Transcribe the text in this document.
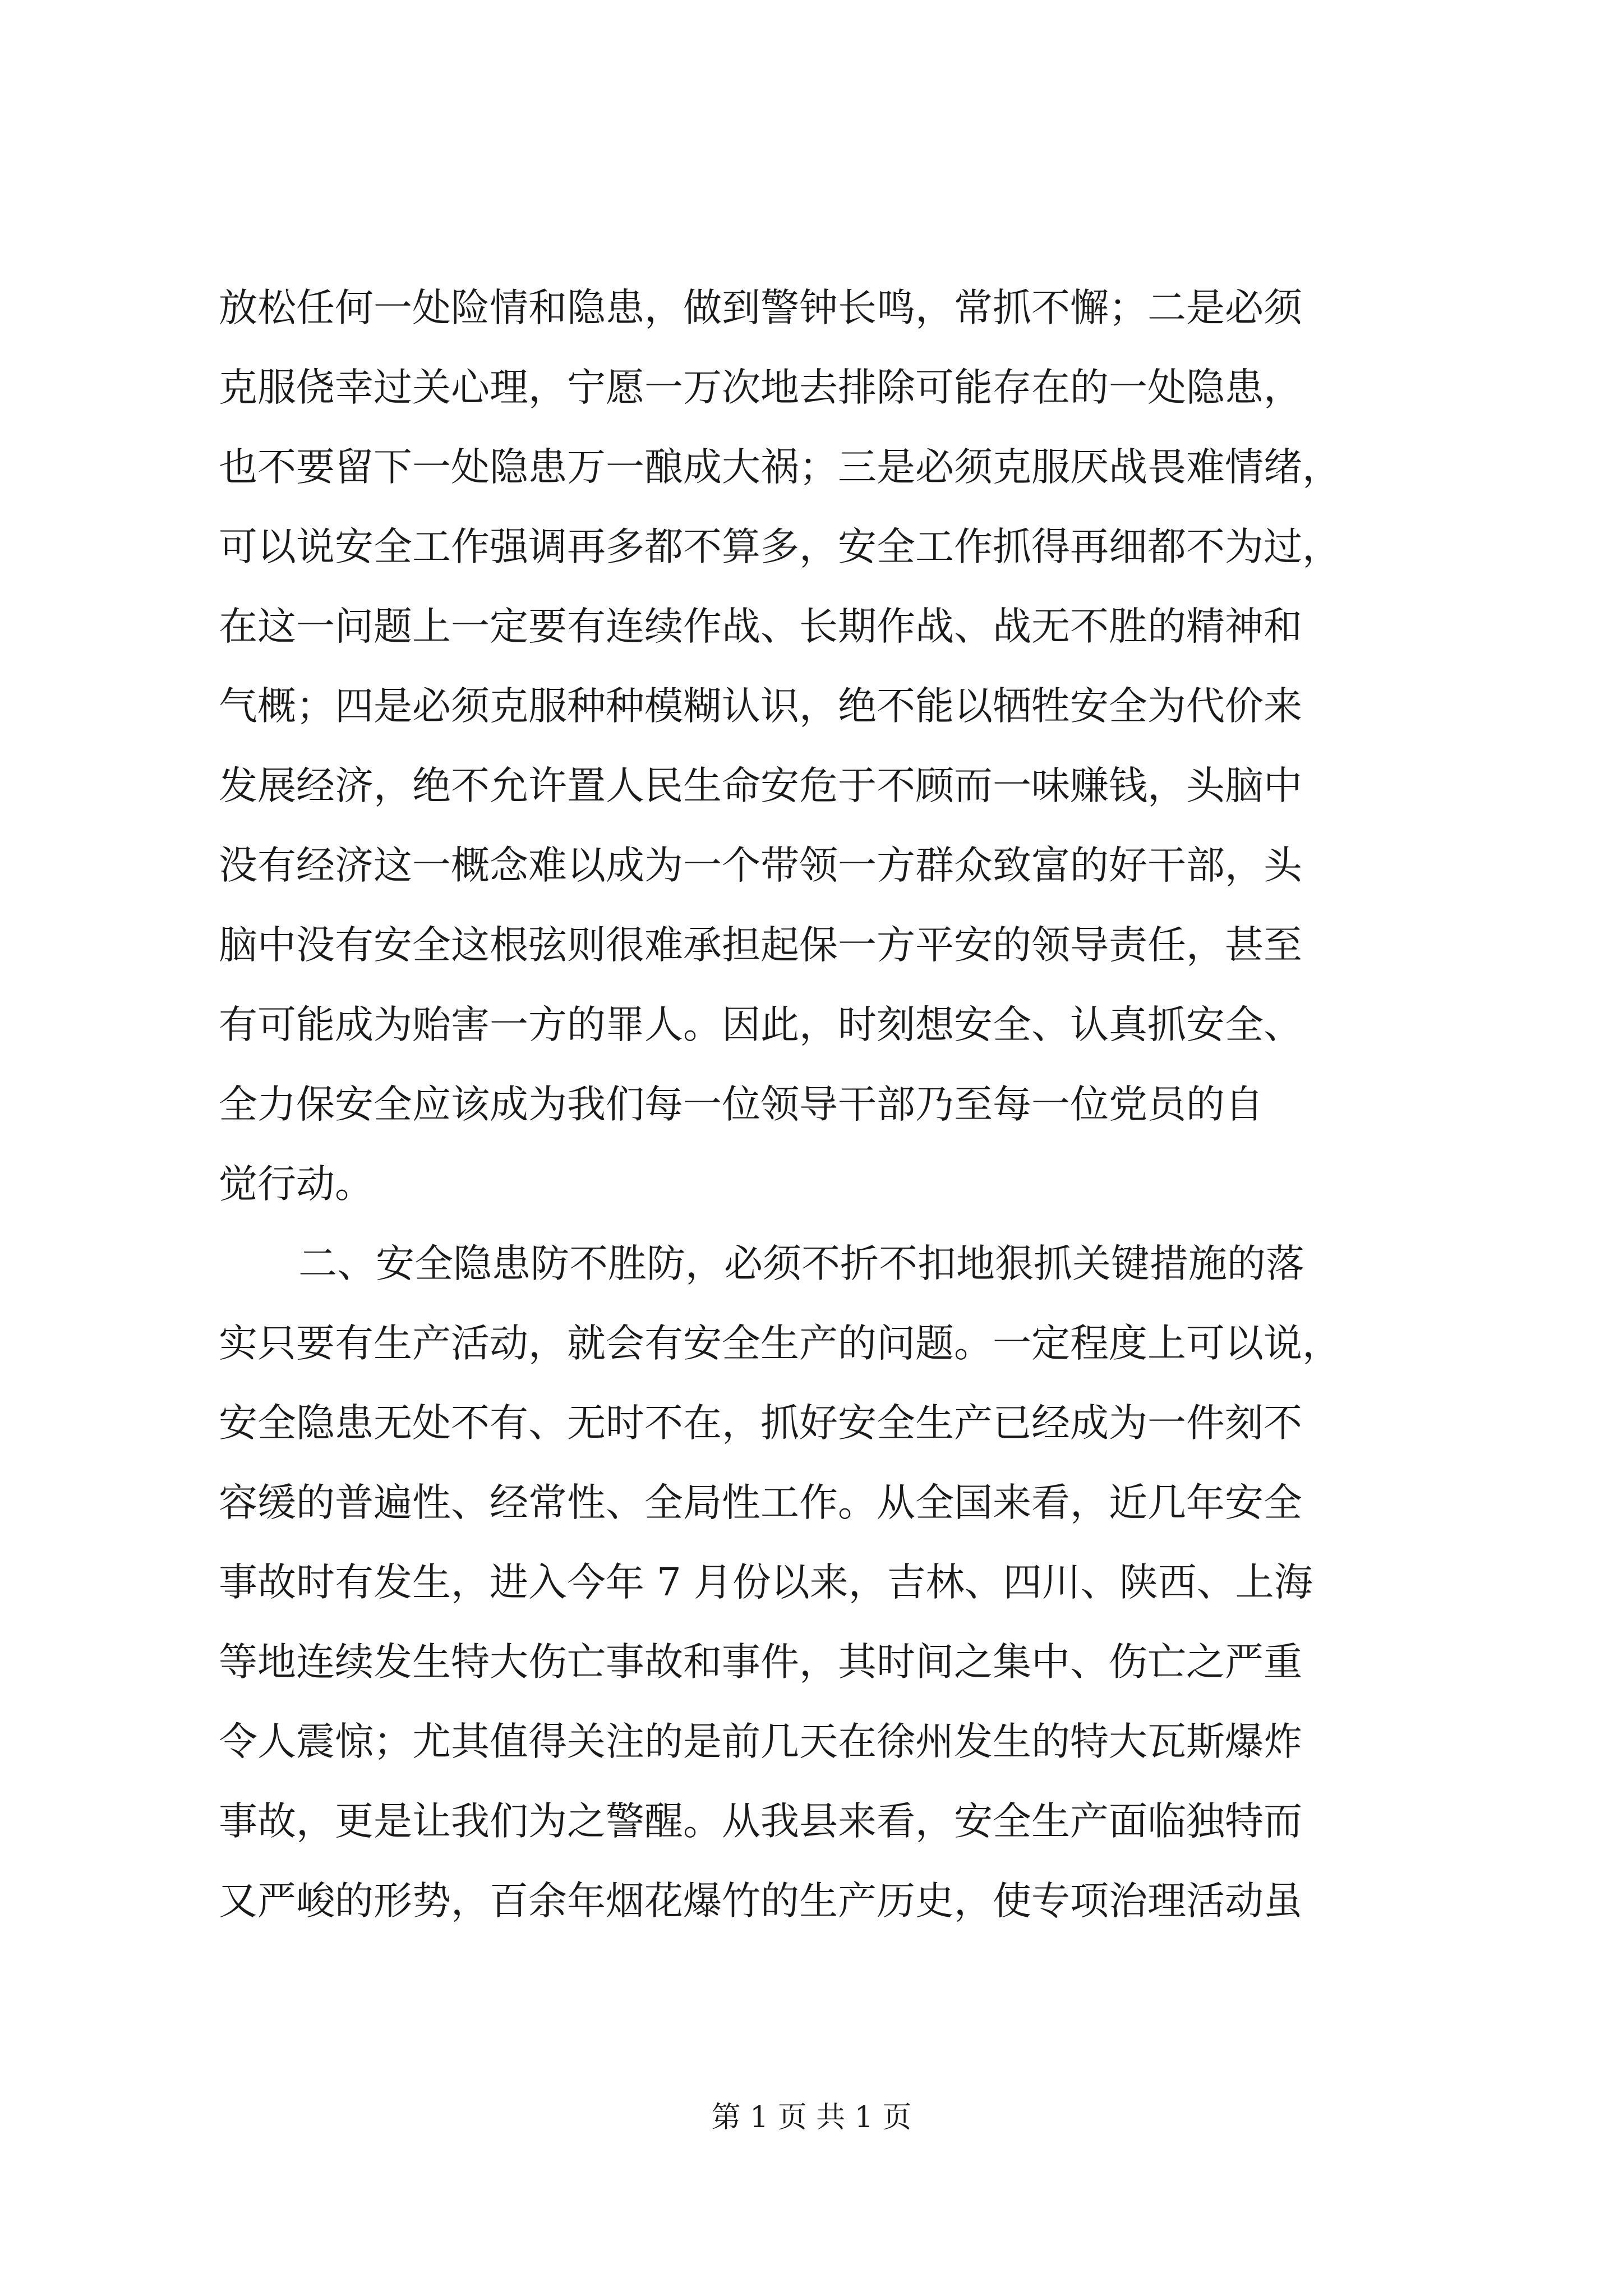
放松任何一处险情和隐患，做到警钟长鸣，常抓不懈；二是必须

克服侥幸过关心理，宁愿一万次地去排除可能存在的一处隐患，

也不要留下一处隐患万一酿成大祸；三是必须克服厌战畏难情绪，

可以说安全工作强调再多都不算多，安全工作抓得再细都不为过，

在这一问题上一定要有连续作战、长期作战、战无不胜的精神和

气概；四是必须克服种种模糊认识，绝不能以牺牲安全为代价来

发展经济，绝不允许置人民生命安危于不顾而一味赚钱，头脑中

没有经济这一概念难以成为一个带领一方群众致富的好干部，头

脑中没有安全这根弦则很难承担起保一方平安的领导责任，甚至

有可能成为贻害一方的罪人。因此，时刻想安全、认真抓安全、

全力保安全应该成为我们每一位领导干部乃至每一位党员的自

觉行动。

二、安全隐患防不胜防，必须不折不扣地狠抓关键措施的落

实只要有生产活动，就会有安全生产的问题。一定程度上可以说，

安全隐患无处不有、无时不在，抓好安全生产已经成为一件刻不

容缓的普遍性、经常性、全局性工作。从全国来看，近几年安全

事故时有发生，进入今年 7 月份以来，吉林、四川、陕西、上海

等地连续发生特大伤亡事故和事件，其时间之集中、伤亡之严重

令人震惊；尤其值得关注的是前几天在徐州发生的特大瓦斯爆炸

事故，更是让我们为之警醒。从我县来看，安全生产面临独特而

又严峻的形势，百余年烟花爆竹的生产历史，使专项治理活动虽

第 1 页 共 1 页
